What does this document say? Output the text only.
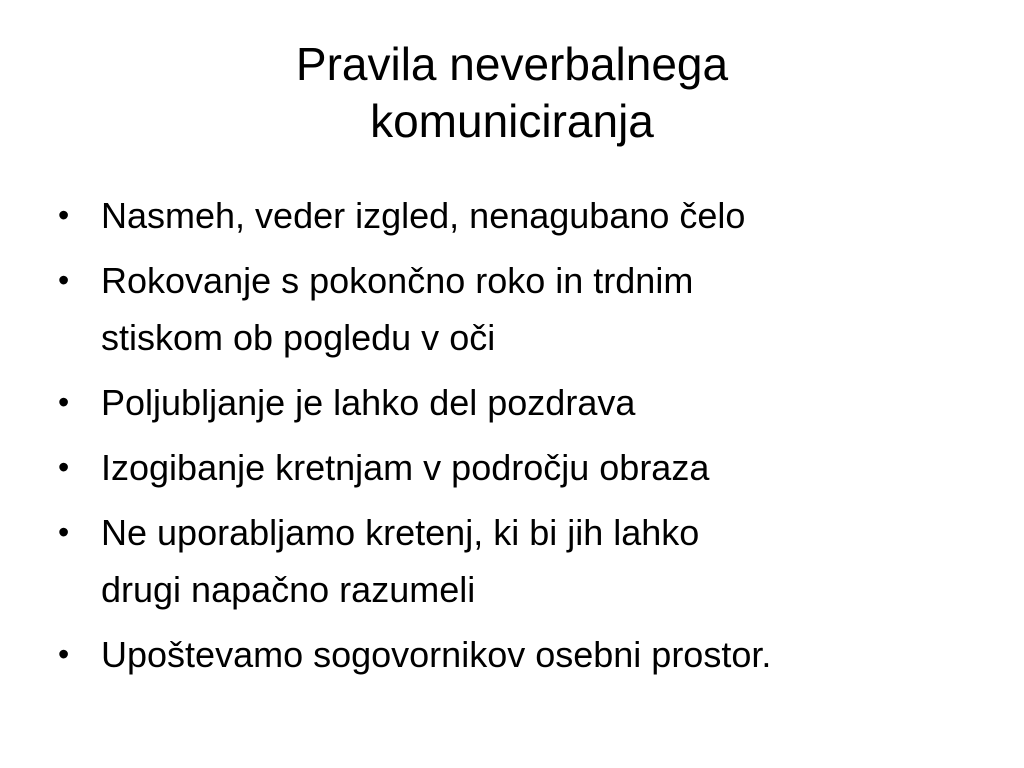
Pravila neverbalnega
komuniciranja
• Nasmeh, veder izgled, nenagubano čelo
• Rokovanje s pokončno roko in trdnim
stiskom ob pogledu v oči
• Poljubljanje je lahko del pozdrava
• Izogibanje kretnjam v področju obraza
• Ne uporabljamo kretenj, ki bi jih lahko
drugi napačno razumeli
• Upoštevamo sogovornikov osebni prostor.
